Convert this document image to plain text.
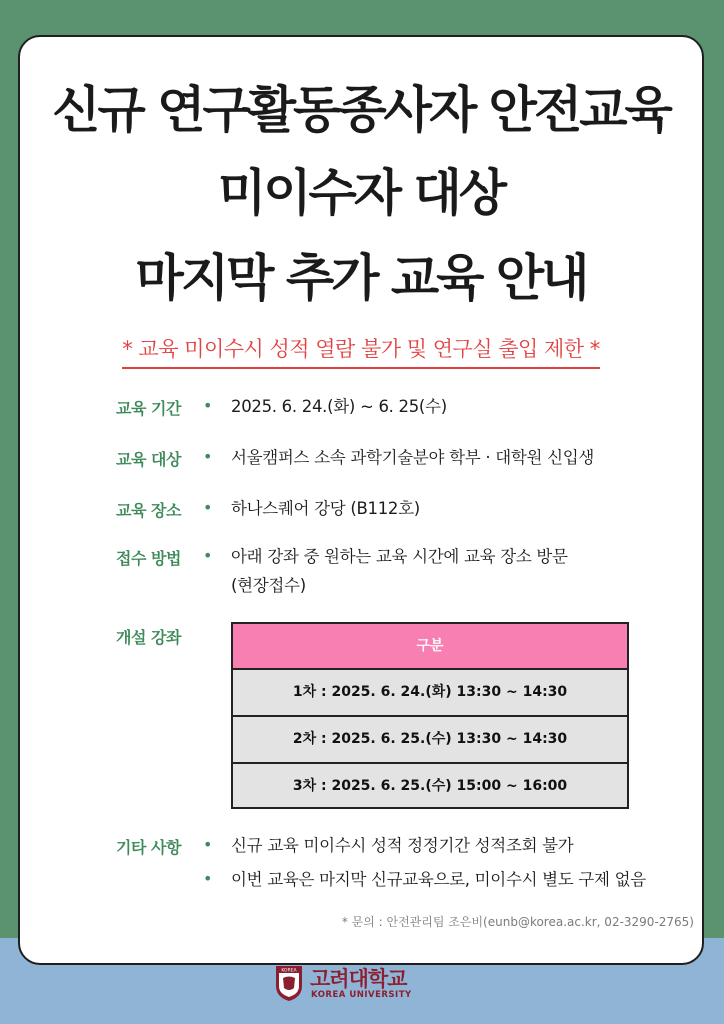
신규 연구활동종사자 안전교육
미이수자 대상
마지막 추가 교육 안내
* 교육 미이수시 성적 열람 불가 및 연구실 출입 제한 *
교육 기간 • 2025. 6. 24.(화) ~ 6. 25(수)
교육 대상 • 서울캠퍼스 소속 과학기술분야 학부 · 대학원 신입생
교육 장소 • 하나스퀘어 강당 (B112호)
접수 방법 • 아래 강좌 중 원하는 교육 시간에 교육 장소 방문
(현장접수)
개설 강좌	구분
1차 : 2025. 6. 24.(화) 13:30 ~ 14:30
2차 : 2025. 6. 25.(수) 13:30 ~ 14:30
3차 : 2025. 6. 25.(수) 15:00 ~ 16:00
기타 사항 • 신규 교육 미이수시 성적 정정기간 성적조회 불가
• 이번 교육은 마지막 신규교육으로, 미이수시 별도 구제 없음
* 문의 : 안전관리팀 조은비(eunb@korea.ac.kr, 02-3290-2765)
KOREA 고려대학교
KOREA UNIVERSITY
